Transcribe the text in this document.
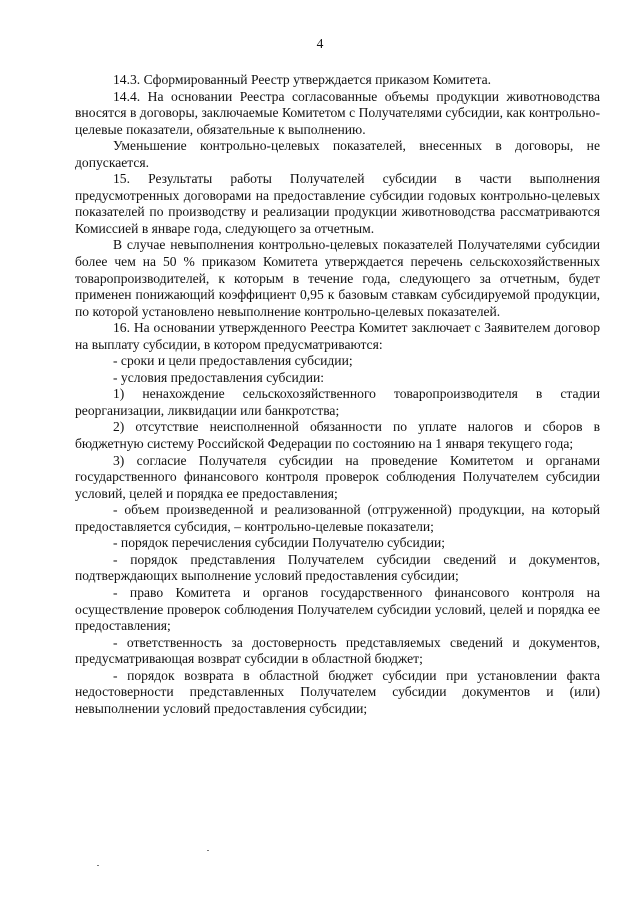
4

14.3. Сформированный Реестр утверждается приказом Комитета.

14.4. На основании Реестра согласованные объемы продукции животноводства вносятся в договоры, заключаемые Комитетом с Получателями субсидии, как контрольно-целевые показатели, обязательные к выполнению.

Уменьшение контрольно-целевых показателей, внесенных в договоры, не допускается.

15. Результаты работы Получателей субсидии в части выполнения предусмотренных договорами на предоставление субсидии годовых контрольно-целевых показателей по производству и реализации продукции животноводства рассматриваются Комиссией в январе года, следующего за отчетным.

В случае невыполнения контрольно-целевых показателей Получателями субсидии более чем на 50 % приказом Комитета утверждается перечень сельскохозяйственных товаропроизводителей, к которым в течение года, следующего за отчетным, будет применен понижающий коэффициент 0,95 к базовым ставкам субсидируемой продукции, по которой установлено невыполнение контрольно-целевых показателей.

16. На основании утвержденного Реестра Комитет заключает с Заявителем договор на выплату субсидии, в котором предусматриваются:

- сроки и цели предоставления субсидии;

- условия предоставления субсидии:

1) ненахождение сельскохозяйственного товаропроизводителя в стадии реорганизации, ликвидации или банкротства;

2) отсутствие неисполненной обязанности по уплате налогов и сборов в бюджетную систему Российской Федерации по состоянию на 1 января текущего года;

3) согласие Получателя субсидии на проведение Комитетом и органами государственного финансового контроля проверок соблюдения Получателем субсидии условий, целей и порядка ее предоставления;

- объем произведенной и реализованной (отгруженной) продукции, на который предоставляется субсидия, – контрольно-целевые показатели;

- порядок перечисления субсидии Получателю субсидии;

- порядок представления Получателем субсидии сведений и документов, подтверждающих выполнение условий предоставления субсидии;

- право Комитета и органов государственного финансового контроля на осуществление проверок соблюдения Получателем субсидии условий, целей и порядка ее предоставления;

- ответственность за достоверность представляемых сведений и документов, предусматривающая возврат субсидии в областной бюджет;

- порядок возврата в областной бюджет субсидии при установлении факта недостоверности представленных Получателем субсидии документов и (или) невыполнении условий предоставления субсидии;
